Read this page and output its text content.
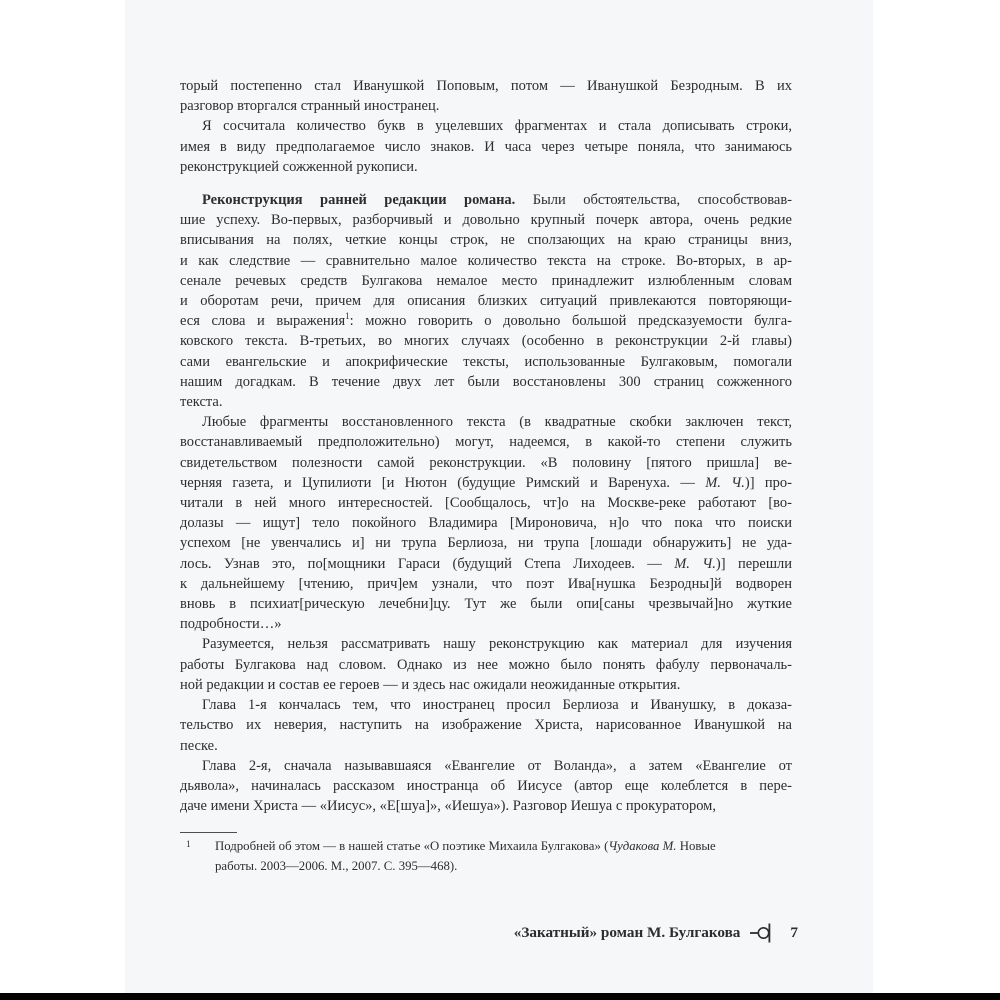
торый постепенно стал Иванушкой Поповым, потом — Иванушкой Безродным. В их
разговор вторгался странный иностранец.
Я сосчитала количество букв в уцелевших фрагментах и стала дописывать строки,
имея в виду предполагаемое число знаков. И часа через четыре поняла, что занимаюсь
реконструкцией сожженной рукописи.
Реконструкция ранней редакции романа. Были обстоятельства, способствовав-
шие успеху. Во-первых, разборчивый и довольно крупный почерк автора, очень редкие
вписывания на полях, четкие концы строк, не сползающих на краю страницы вниз,
и как следствие — сравнительно малое количество текста на строке. Во-вторых, в ар-
сенале речевых средств Булгакова немалое место принадлежит излюбленным словам
и оборотам речи, причем для описания близких ситуаций привлекаются повторяющи-
еся слова и выражения$^1$: можно говорить о довольно большой предсказуемости булга-
ковского текста. В-третьих, во многих случаях (особенно в реконструкции 2-й главы)
сами евангельские и апокрифические тексты, использованные Булгаковым, помогали
нашим догадкам. В течение двух лет были восстановлены 300 страниц сожженного
текста.
Любые фрагменты восстановленного текста (в квадратные скобки заключен текст,
восстанавливаемый предположительно) могут, надеемся, в какой-то степени служить
свидетельством полезности самой реконструкции. «В половину [пятого пришла] ве-
черняя газета, и Цупилиоти [и Нютон (будущие Римский и Варенуха. — М. Ч.)] про-
читали в ней много интересностей. [Сообщалось, чт]о на Москве-реке работают [во-
долазы — ищут] тело покойного Владимира [Мироновича, н]о что пока что поиски
успехом [не увенчались и] ни трупа Берлиоза, ни трупа [лошади обнаружить] не уда-
лось. Узнав это, по[мощники Гараси (будущий Степа Лиходеев. — М. Ч.)] перешли
к дальнейшему [чтению, прич]ем узнали, что поэт Ива[нушка Безродны]й водворен
вновь в психиат[рическую лечебни]цу. Тут же были опи[саны чрезвычай]но жуткие
подробности…»
Разумеется, нельзя рассматривать нашу реконструкцию как материал для изучения
работы Булгакова над словом. Однако из нее можно было понять фабулу первоначаль-
ной редакции и состав ее героев — и здесь нас ожидали неожиданные открытия.
Глава 1-я кончалась тем, что иностранец просил Берлиоза и Иванушку, в доказа-
тельство их неверия, наступить на изображение Христа, нарисованное Иванушкой на
песке.
Глава 2-я, сначала называвшаяся «Евангелие от Воланда», а затем «Евангелие от
дьявола», начиналась рассказом иностранца об Иисусе (автор еще колеблется в пере-
даче имени Христа — «Иисус», «Е[шуа]», «Иешуа»). Разговор Иешуа с прокуратором,
1 Подробней об этом — в нашей статье «О поэтике Михаила Булгакова» (Чудакова М. Новые
работы. 2003—2006. М., 2007. С. 395—468).
«Закатный» роман М. Булгакова	7
